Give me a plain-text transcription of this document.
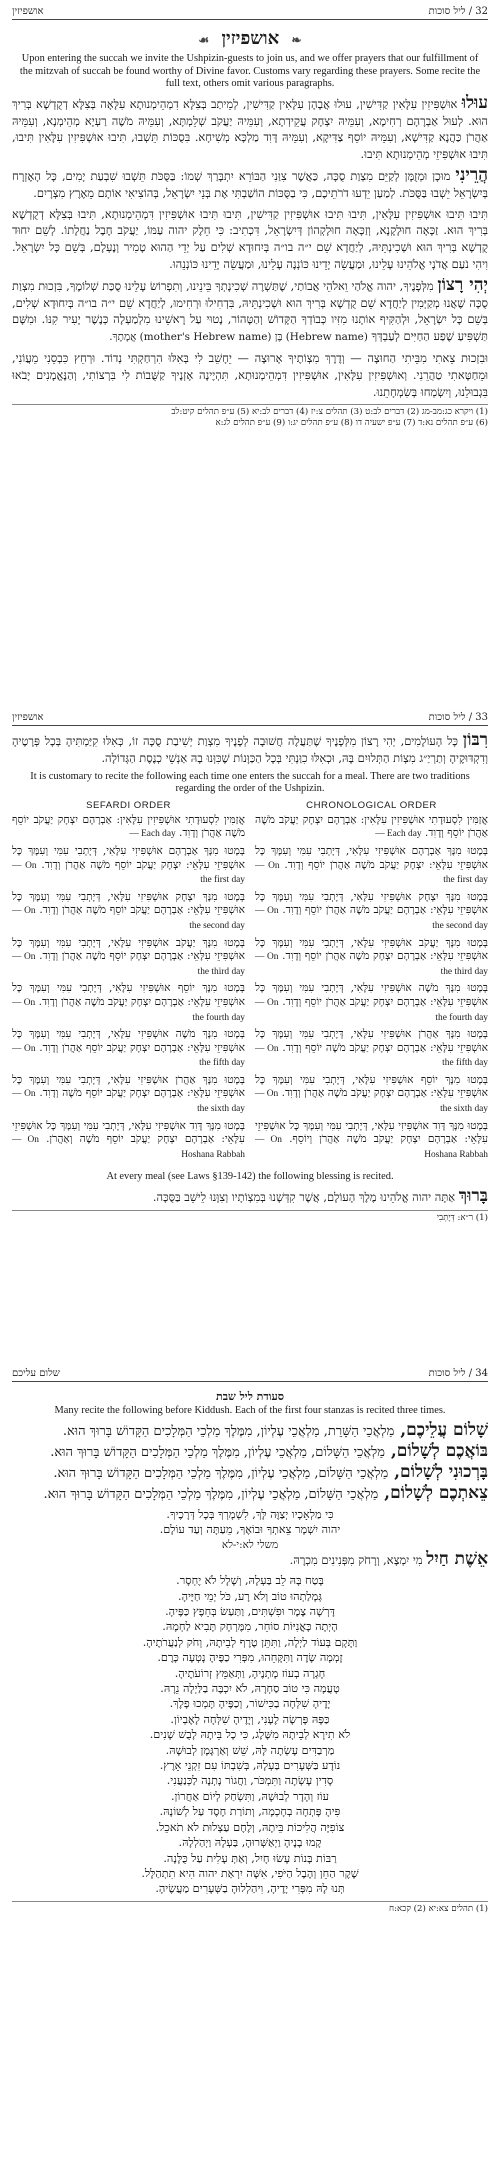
אושפיזין	32 / ליל סוכות
❧ אושפיזין ☙

Upon entering the succah we invite the Ushpizin-guests to join us, and we offer prayers that our fulfillment of the mitzvah of succah be found worthy of Divine favor. Customs vary regarding these prayers. Some recite the full text, others omit various paragraphs.

עוּלוּ אוּשְׁפִּיזִין עִלָּאִין קַדִּישִׁין, עוּלוּ אֲבָהָן עִלָּאִין קַדִּישִׁין, לְמֵיתַב בְּצִלָּא דִמְהֵימְנוּתָא עִלָּאָה בְּצִלָּא דְקֻדְשָׁא בְּרִיךְ הוּא. לְעוּל אַבְרָהָם רְחִימָא, וְעִמֵּיהּ יִצְחָק עֲקֵידְתָא, וְעִמֵּיהּ יַעֲקֹב שְׁלֵמְתָּא, וְעִמֵּיהּ מֹשֶׁה רַעְיָא מְהֵימְנָא, וְעִמֵּיהּ אַהֲרֹן כַּהֲנָא קַדִּישָׁא, וְעִמֵּיהּ יוֹסֵף צַדִּיקָא, וְעִמֵּיהּ דָּוִד מַלְכָּא מְשִׁיחָא. בִּסֻכּוֹת תֵּשְׁבוּ, תִּיבוּ אוּשְׁפִּיזִין עִלָּאִין תִּיבוּ, תִּיבוּ אוּשְׁפִּיזֵי מְהֵימְנוּתָא תִּיבוּ.

הֲרֵינִי מוּכָן וּמְזֻמָּן לְקַיֵּם מִצְוַת סֻכָּה, כַּאֲשֶׁר צִוַּנִי הַבּוֹרֵא יִתְבָּרַךְ שְׁמוֹ: בַּסֻּכֹּת תֵּשְׁבוּ שִׁבְעַת יָמִים, כָּל הָאֶזְרָח בְּיִשְׂרָאֵל יֵשְׁבוּ בַּסֻּכֹּת. לְמַעַן יֵדְעוּ דֹרֹתֵיכֶם, כִּי בַסֻּכּוֹת הוֹשַׁבְתִּי אֶת בְּנֵי יִשְׂרָאֵל, בְּהוֹצִיאִי אוֹתָם מֵאֶרֶץ מִצְרָיִם.

תִּיבוּ תִּיבוּ אוּשְׁפִּיזִין עִלָּאִין, תִּיבוּ תִּיבוּ אוּשְׁפִּיזִין קַדִּישִׁין, תִּיבוּ תִּיבוּ אוּשְׁפִּיזִין דִּמְהֵימְנוּתָא, תִּיבוּ בְּצִלָּא דְקֻדְשָׁא בְּרִיךְ הוּא. זַכָּאָה חוּלָקָנָא, וְזַכָּאָה חוּלָקְהוֹן דְּיִשְׂרָאֵל, דִּכְתִיב: כִּי חֵלֶק יהוה עַמּוֹ, יַעֲקֹב חֶבֶל נַחֲלָתוֹ. לְשֵׁם יִחוּד קֻדְשָׁא בְּרִיךְ הוּא וּשְׁכִינְתֵּיהּ, לְיַחֲדָא שֵׁם י״ה בו״ה בְּיִחוּדָא שְׁלִים עַל יְדֵי הַהוּא טָמִיר וְנֶעְלָם, בְּשֵׁם כָּל יִשְׂרָאֵל. וִיהִי נֹעַם אֲדֹנָי אֱלֹהֵינוּ עָלֵינוּ, וּמַעֲשֵׂה יָדֵינוּ כּוֹנְנָה עָלֵינוּ, וּמַעֲשֵׂה יָדֵינוּ כּוֹנְנֵהוּ.

יְהִי רָצוֹן מִלְּפָנֶיךָ, יהוה אֱלֹהַי וֵאלֹהֵי אֲבוֹתַי, שֶׁתַּשְׁרֶה שְׁכִינָתְךָ בֵּינֵינוּ, וְתִפְרוֹשׂ עָלֵינוּ סֻכַּת שְׁלוֹמֶךָ, בִּזְכוּת מִצְוַת סֻכָּה שֶׁאֲנוּ מְקַיְּמִין לְיַחֲדָא שֵׁם קֻדְשָׁא בְּרִיךְ הוּא וּשְׁכִינְתֵּיהּ, בִּדְחִילוּ וּרְחִימוּ, לְיַחֲדָא שֵׁם י״ה בו״ה בְּיִחוּדָא שְׁלִים, בְּשֵׁם כָּל יִשְׂרָאֵל, וּלְהַקִּיף אוֹתָנוּ מִזִּיו כְּבוֹדְךָ הַקָּדוֹשׁ וְהַטָּהוֹר, נָטוּי עַל רָאשֵׁינוּ מִלְמַעְלָה כְּנֶשֶׁר יָעִיר קִנּוֹ. וּמִשָּׁם תַּשְׁפִּיעַ שֶׁפַע הַחַיִּים לְעַבְדְּךָ (Hebrew name) בֶּן (mother's Hebrew name) אֲמָתֶךָ.

וּבִזְכוּת צֵאתִי מִבֵּיתִי הַחוּצָה — וְדֶרֶךְ מִצְוֹתֶיךָ אָרוּצָה — יֵחָשֵׁב לִי בְּאִלּוּ הִרְחַקְתִּי נְדוֹד. וּרְחֵץ כִּבְסֵנִי מֵעֲוֹנִי, וּמֵחַטָּאתִי טַהֲרֵנִי. וְאוּשְׁפִּיזִין עִלָּאִין, אוּשְׁפִּיזִין דִּמְהֵימְנוּתָא, תִּהְיֶינָה אָזְנֶיךָ קַשֻּׁבוֹת לִי בִּרְצוֹתִי, וְהַנֶּאֱמָנִים יָבֹאוּ בִּגְבוּלֵנוּ, וְיִשְׂמְחוּ בְּשִׂמְחָתֵנוּ.

(1) ויקרא כג:מב-מג (2) דברים לב:ט (3) תהלים צ:יז (4) דברים לב:יא (5) ע״פ תהלים קיט:לב
(6) ע״פ תהלים נא:ד (7) ע״פ ישעיה דו (8) ע״פ תהלים יג:ו (9) ע״פ תהלים לג:א
אושפיזין	33 / ליל סוכות

רִבּוֹן כָּל הָעוֹלָמִים, יְהִי רָצוֹן מִלְּפָנֶיךָ שֶׁתַּעֲלֶה חֲשׁוּבָה לְפָנֶיךָ מִצְוַת יְשִׁיבַת סֻכָּה זוֹ, כְּאִלּוּ קִיַּמְתִּיהָ בְּכָל פְּרָטֶיהָ וְדִקְדּוּקֶיהָ וְתַרְיַ״ג מִצְוֹת הַתְּלוּיִם בָּהּ, וּכְאִלּוּ כִוַּנְתִּי בְּכָל הַכַּוָּנוֹת שֶׁכִּוְּנוּ בָהּ אַנְשֵׁי כְנֶסֶת הַגְּדוֹלָה.

It is customary to recite the following each time one enters the succah for a meal. There are two traditions regarding the order of the Ushpizin.

SEFARDI ORDER
אֲזַמִּין לִסְעוּדָתִי אוּשְׁפִּיזִין עִלָּאִין: אַבְרָהָם יִצְחָק יַעֲקֹב יוֹסֵף מֹשֶׁה אַהֲרֹן וְדָוִד. — Each day
בְּמָטוּ מִנָּךְ אַבְרָהָם אוּשְׁפִּיזִי עִלָּאִי, דְּיָתְבִי עִמִּי וְעִמָּךְ כָּל אוּשְׁפִּיזֵי עִלָּאֵי: יִצְחָק יַעֲקֹב יוֹסֵף מֹשֶׁה אַהֲרֹן וְדָוִד. — On the first day
בְּמָטוּ מִנָּךְ יִצְחָק אוּשְׁפִּיזִי עִלָּאִי, דְּיָתְבִי עִמִּי וְעִמָּךְ כָּל אוּשְׁפִּיזֵי עִלָּאֵי: אַבְרָהָם יַעֲקֹב יוֹסֵף מֹשֶׁה אַהֲרֹן וְדָוִד. — On the second day
בְּמָטוּ מִנָּךְ יַעֲקֹב אוּשְׁפִּיזִי עִלָּאִי, דְּיָתְבִי עִמִּי וְעִמָּךְ כָּל אוּשְׁפִּיזֵי עִלָּאֵי: אַבְרָהָם יִצְחָק יוֹסֵף מֹשֶׁה אַהֲרֹן וְדָוִד. — On the third day
בְּמָטוּ מִנָּךְ יוֹסֵף אוּשְׁפִּיזִי עִלָּאִי, דְּיָתְבִי עִמִּי וְעִמָּךְ כָּל אוּשְׁפִּיזֵי עִלָּאֵי: אַבְרָהָם יִצְחָק יַעֲקֹב מֹשֶׁה אַהֲרֹן וְדָוִד. — On the fourth day
בְּמָטוּ מִנָּךְ מֹשֶׁה אוּשְׁפִּיזִי עִלָּאִי, דְּיָתְבִי עִמִּי וְעִמָּךְ כָּל אוּשְׁפִּיזֵי עִלָּאֵי: אַבְרָהָם יִצְחָק יַעֲקֹב יוֹסֵף אַהֲרֹן וְדָוִד. — On the fifth day
בְּמָטוּ מִנָּךְ אַהֲרֹן אוּשְׁפִּיזִי עִלָּאִי, דְּיָתְבִי עִמִּי וְעִמָּךְ כָּל אוּשְׁפִּיזֵי עִלָּאֵי: אַבְרָהָם יִצְחָק יַעֲקֹב יוֹסֵף מֹשֶׁה וְדָוִד. — On the sixth day
בְּמָטוּ מִנָּךְ דָּוִד אוּשְׁפִּיזִי עִלָּאִי, דְּיָתְבִי עִמִּי וְעִמָּךְ כָּל אוּשְׁפִּיזֵי עִלָּאֵי: אַבְרָהָם יִצְחָק יַעֲקֹב יוֹסֵף מֹשֶׁה וְאַהֲרֹן. — On Hoshana Rabbah
CHRONOLOGICAL ORDER
אֲזַמִּין לִסְעוּדָתִי אוּשְׁפִּיזִין עִלָּאִין: אַבְרָהָם יִצְחָק יַעֲקֹב מֹשֶׁה אַהֲרֹן יוֹסֵף וְדָוִד. — Each day
בְּמָטוּ מִנָּךְ אַבְרָהָם אוּשְׁפִּיזִי עִלָּאִי, דְּיָתְבִי עִמִּי וְעִמָּךְ כָּל אוּשְׁפִּיזֵי עִלָּאֵי: יִצְחָק יַעֲקֹב מֹשֶׁה אַהֲרֹן יוֹסֵף וְדָוִד. — On the first day
בְּמָטוּ מִנָּךְ יִצְחָק אוּשְׁפִּיזִי עִלָּאִי, דְּיָתְבִי עִמִּי וְעִמָּךְ כָּל אוּשְׁפִּיזֵי עִלָּאֵי: אַבְרָהָם יַעֲקֹב מֹשֶׁה אַהֲרֹן יוֹסֵף וְדָוִד. — On the second day
בְּמָטוּ מִנָּךְ יַעֲקֹב אוּשְׁפִּיזִי עִלָּאִי, דְּיָתְבִי עִמִּי וְעִמָּךְ כָּל אוּשְׁפִּיזֵי עִלָּאֵי: אַבְרָהָם יִצְחָק מֹשֶׁה אַהֲרֹן יוֹסֵף וְדָוִד. — On the third day
בְּמָטוּ מִנָּךְ מֹשֶׁה אוּשְׁפִּיזִי עִלָּאִי, דְּיָתְבִי עִמִּי וְעִמָּךְ כָּל אוּשְׁפִּיזֵי עִלָּאֵי: אַבְרָהָם יִצְחָק יַעֲקֹב אַהֲרֹן יוֹסֵף וְדָוִד. — On the fourth day
בְּמָטוּ מִנָּךְ אַהֲרֹן אוּשְׁפִּיזִי עִלָּאִי, דְּיָתְבִי עִמִּי וְעִמָּךְ כָּל אוּשְׁפִּיזֵי עִלָּאֵי: אַבְרָהָם יִצְחָק יַעֲקֹב מֹשֶׁה יוֹסֵף וְדָוִד. — On the fifth day
בְּמָטוּ מִנָּךְ יוֹסֵף אוּשְׁפִּיזִי עִלָּאִי, דְּיָתְבִי עִמִּי וְעִמָּךְ כָּל אוּשְׁפִּיזֵי עִלָּאֵי: אַבְרָהָם יִצְחָק יַעֲקֹב מֹשֶׁה אַהֲרֹן וְדָוִד. — On the sixth day
בְּמָטוּ מִנָּךְ דָּוִד אוּשְׁפִּיזִי עִלָּאִי, דְּיָתְבִי עִמִּי וְעִמָּךְ כָּל אוּשְׁפִּיזֵי עִלָּאֵי: אַבְרָהָם יִצְחָק יַעֲקֹב מֹשֶׁה אַהֲרֹן וְיוֹסֵף. — On Hoshana Rabbah

At every meal (see Laws §139-142) the following blessing is recited.

בָּרוּךְ אַתָּה יהוה אֱלֹהֵינוּ מֶלֶךְ הָעוֹלָם, אֲשֶׁר קִדְּשָׁנוּ בְּמִצְוֹתָיו וְצִוָּנוּ לֵישֵׁב בַּסֻּכָּה.

(1) ר״א: דְּיָתְבִי
שלום עליכם	34 / ליל סוכות
סעודת ליל שבת

Many recite the following before Kiddush. Each of the first four stanzas is recited three times.

שָׁלוֹם עֲלֵיכֶם, מַלְאֲכֵי הַשָּׁרֵת, מַלְאֲכֵי עֶלְיוֹן, מִמֶּלֶךְ מַלְכֵי הַמְּלָכִים הַקָּדוֹשׁ בָּרוּךְ הוּא.
בּוֹאֲכֶם לְשָׁלוֹם, מַלְאֲכֵי הַשָּׁלוֹם, מַלְאֲכֵי עֶלְיוֹן, מִמֶּלֶךְ מַלְכֵי הַמְּלָכִים הַקָּדוֹשׁ בָּרוּךְ הוּא.
בָּרְכוּנִי לְשָׁלוֹם, מַלְאֲכֵי הַשָּׁלוֹם, מַלְאֲכֵי עֶלְיוֹן, מִמֶּלֶךְ מַלְכֵי הַמְּלָכִים הַקָּדוֹשׁ בָּרוּךְ הוּא.
צֵאתְכֶם לְשָׁלוֹם, מַלְאֲכֵי הַשָּׁלוֹם, מַלְאֲכֵי עֶלְיוֹן, מִמֶּלֶךְ מַלְכֵי הַמְּלָכִים הַקָּדוֹשׁ בָּרוּךְ הוּא.
כִּי מַלְאָכָיו יְצַוֶּה לָּךְ, לִשְׁמָרְךָ בְּכָל דְּרָכֶיךָ.
יהוה יִשְׁמָר צֵאתְךָ וּבוֹאֶךָ, מֵעַתָּה וְעַד עוֹלָם.
משלי לא:י-לא

אֵשֶׁת חַיִל מִי יִמְצָא, וְרָחֹק מִפְּנִינִים מִכְרָהּ.

בָּטַח בָּהּ לֵב בַּעְלָהּ, וְשָׁלָל לֹא יֶחְסָר.
גְּמָלַתְהוּ טוֹב וְלֹא רָע, כֹּל יְמֵי חַיֶּיהָ.
דָּרְשָׁה צֶמֶר וּפִשְׁתִּים, וַתַּעַשׂ בְּחֵפֶץ כַּפֶּיהָ.
הָיְתָה כָּאֳנִיּוֹת סוֹחֵר, מִמֶּרְחָק תָּבִיא לַחְמָהּ.
וַתָּקָם בְּעוֹד לַיְלָה, וַתִּתֵּן טֶרֶף לְבֵיתָהּ, וְחֹק לְנַעֲרֹתֶיהָ.
זָמְמָה שָׂדֶה וַתִּקָּחֵהוּ, מִפְּרִי כַפֶּיהָ נָטְעָה כָּרֶם.
חָגְרָה בְעוֹז מָתְנֶיהָ, וַתְּאַמֵּץ זְרוֹעֹתֶיהָ.
טָעֲמָה כִּי טוֹב סַחְרָהּ, לֹא יִכְבֶּה בַלַּיְלָה נֵרָהּ.
יָדֶיהָ שִׁלְּחָה בַכִּישׁוֹר, וְכַפֶּיהָ תָּמְכוּ פָלֶךְ.
כַּפָּהּ פָּרְשָׂה לֶעָנִי, וְיָדֶיהָ שִׁלְּחָה לָאֶבְיוֹן.
לֹא תִירָא לְבֵיתָהּ מִשָּׁלֶג, כִּי כָל בֵּיתָהּ לָבֻשׁ שָׁנִים.
מַרְבַדִּים עָשְׂתָה לָּהּ, שֵׁשׁ וְאַרְגָּמָן לְבוּשָׁהּ.
נוֹדָע בַּשְּׁעָרִים בַּעְלָהּ, בְּשִׁבְתּוֹ עִם זִקְנֵי אָרֶץ.
סָדִין עָשְׂתָה וַתִּמְכֹּר, וַחֲגוֹר נָתְנָה לַכְּנַעֲנִי.
עוֹז וְהָדָר לְבוּשָׁהּ, וַתִּשְׂחַק לְיוֹם אַחֲרוֹן.
פִּיהָ פָּתְחָה בְחָכְמָה, וְתוֹרַת חֶסֶד עַל לְשׁוֹנָהּ.
צוֹפִיָּה הֲלִיכוֹת בֵּיתָהּ, וְלֶחֶם עַצְלוּת לֹא תֹאכֵל.
קָמוּ בָנֶיהָ וַיְאַשְּׁרוּהָ, בַּעְלָהּ וַיְהַלְלָהּ.
רַבּוֹת בָּנוֹת עָשׂוּ חָיִל, וְאַתְּ עָלִית עַל כֻּלָּנָה.
שֶׁקֶר הַחֵן וְהֶבֶל הַיֹּפִי, אִשָּׁה יִרְאַת יהוה הִיא תִתְהַלָּל.
תְּנוּ לָהּ מִפְּרִי יָדֶיהָ, וִיהַלְלוּהָ בַשְּׁעָרִים מַעֲשֶׂיהָ.
(1) תהלים צא:יא (2) קכא:ח
